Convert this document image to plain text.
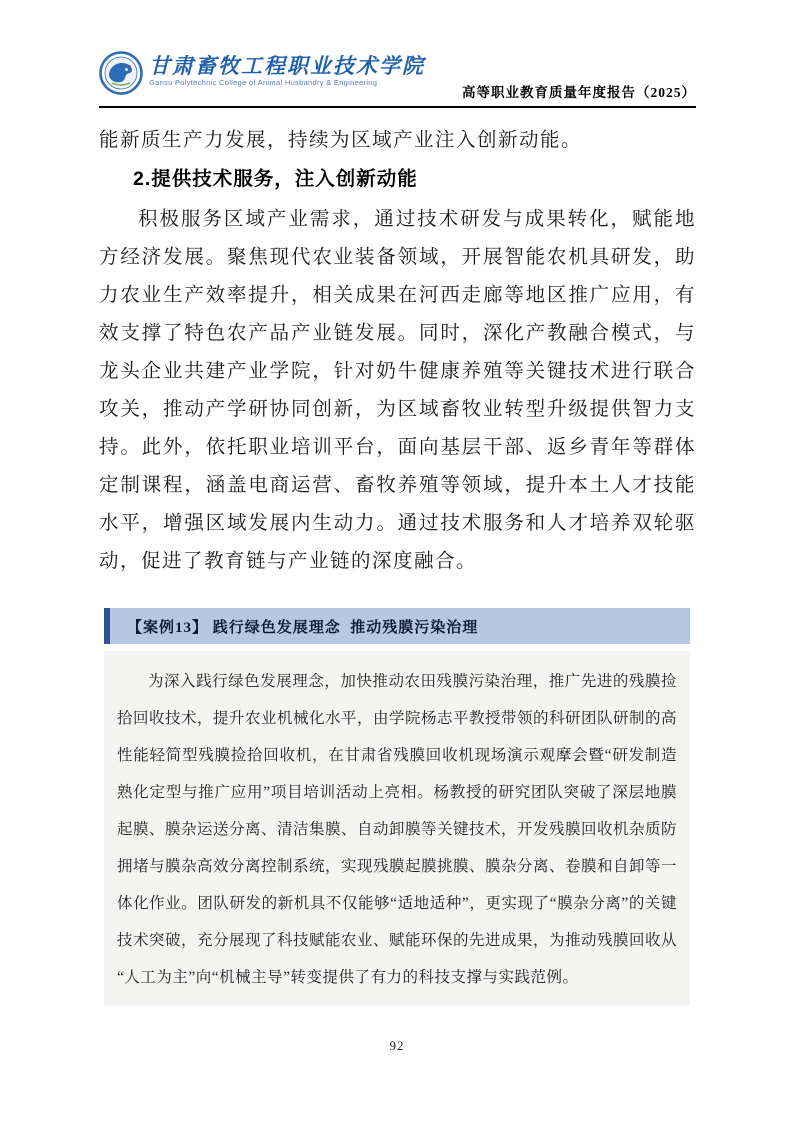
甘肃畜牧工程职业技术学院
Gansu Polytechnic College of Animal Husbandry & Engineering
高等职业教育质量年度报告（2025）

能新质生产力发展，持续为区域产业注入创新动能。

2.提供技术服务，注入创新动能

积极服务区域产业需求，通过技术研发与成果转化，赋能地方经济发展。聚焦现代农业装备领域，开展智能农机具研发，助力农业生产效率提升，相关成果在河西走廊等地区推广应用，有效支撑了特色农产品产业链发展。同时，深化产教融合模式，与龙头企业共建产业学院，针对奶牛健康养殖等关键技术进行联合攻关，推动产学研协同创新，为区域畜牧业转型升级提供智力支持。此外，依托职业培训平台，面向基层干部、返乡青年等群体定制课程，涵盖电商运营、畜牧养殖等领域，提升本土人才技能水平，增强区域发展内生动力。通过技术服务和人才培养双轮驱动，促进了教育链与产业链的深度融合。

【案例13】 践行绿色发展理念  推动残膜污染治理

为深入践行绿色发展理念，加快推动农田残膜污染治理，推广先进的残膜捡拾回收技术，提升农业机械化水平，由学院杨志平教授带领的科研团队研制的高性能轻简型残膜捡拾回收机，在甘肃省残膜回收机现场演示观摩会暨“研发制造熟化定型与推广应用”项目培训活动上亮相。杨教授的研究团队突破了深层地膜起膜、膜杂运送分离、清洁集膜、自动卸膜等关键技术，开发残膜回收机杂质防拥堵与膜杂高效分离控制系统，实现残膜起膜挑膜、膜杂分离、卷膜和自卸等一体化作业。团队研发的新机具不仅能够“适地适种”，更实现了“膜杂分离”的关键技术突破，充分展现了科技赋能农业、赋能环保的先进成果，为推动残膜回收从“人工为主”向“机械主导”转变提供了有力的科技支撑与实践范例。

92
